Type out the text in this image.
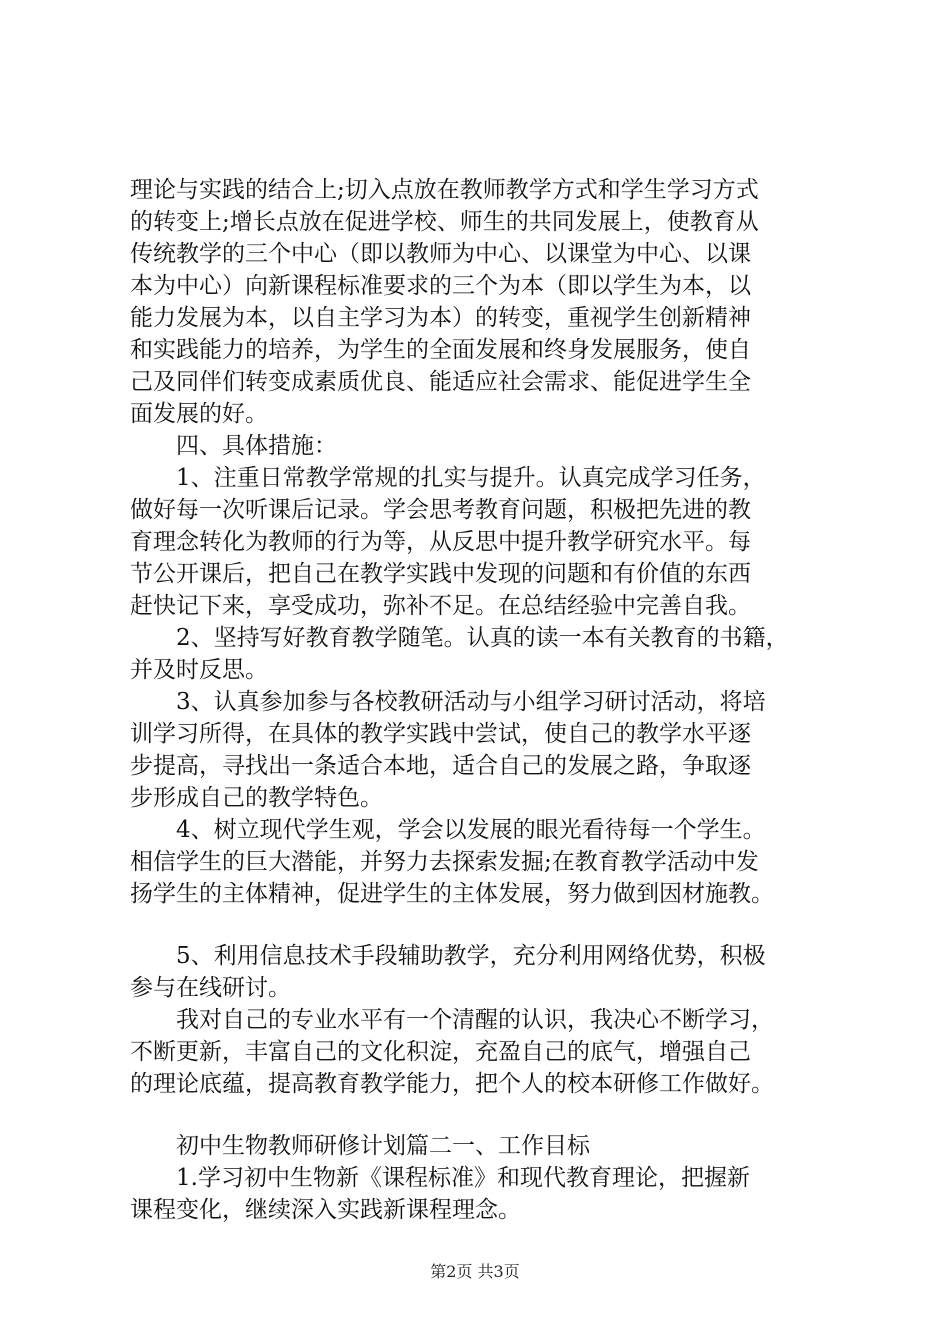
理论与实践的结合上;切入点放在教师教学方式和学生学习方式
的转变上;增长点放在促进学校、师生的共同发展上，使教育从
传统教学的三个中心（即以教师为中心、以课堂为中心、以课
本为中心）向新课程标准要求的三个为本（即以学生为本，以
能力发展为本，以自主学习为本）的转变，重视学生创新精神
和实践能力的培养，为学生的全面发展和终身发展服务，使自
己及同伴们转变成素质优良、能适应社会需求、能促进学生全
面发展的好。
四、具体措施：
1、注重日常教学常规的扎实与提升。认真完成学习任务，
做好每一次听课后记录。学会思考教育问题，积极把先进的教
育理念转化为教师的行为等，从反思中提升教学研究水平。每
节公开课后，把自己在教学实践中发现的问题和有价值的东西
赶快记下来，享受成功，弥补不足。在总结经验中完善自我。
2、坚持写好教育教学随笔。认真的读一本有关教育的书籍，
并及时反思。
3、认真参加参与各校教研活动与小组学习研讨活动，将培
训学习所得，在具体的教学实践中尝试，使自己的教学水平逐
步提高，寻找出一条适合本地，适合自己的发展之路，争取逐
步形成自己的教学特色。
4、树立现代学生观，学会以发展的眼光看待每一个学生。
相信学生的巨大潜能，并努力去探索发掘;在教育教学活动中发
扬学生的主体精神，促进学生的主体发展，努力做到因材施教。
5、利用信息技术手段辅助教学，充分利用网络优势，积极
参与在线研讨。
我对自己的专业水平有一个清醒的认识，我决心不断学习，
不断更新，丰富自己的文化积淀，充盈自己的底气，增强自己
的理论底蕴，提高教育教学能力，把个人的校本研修工作做好。
初中生物教师研修计划篇二一、工作目标
1.学习初中生物新《课程标准》和现代教育理论，把握新
课程变化，继续深入实践新课程理念。
第2页 共3页
